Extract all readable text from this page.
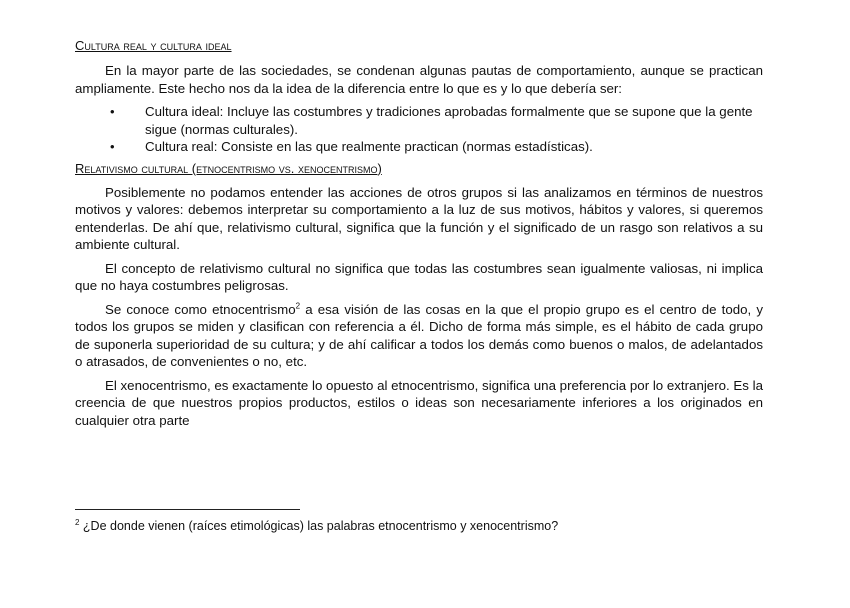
Cultura real y cultura ideal

En la mayor parte de las sociedades, se condenan algunas pautas de comportamiento, aunque se practican ampliamente. Este hecho nos da la idea de la diferencia entre lo que es y lo que debería ser:

• Cultura ideal: Incluye las costumbres y tradiciones aprobadas formalmente que se supone que la gente sigue (normas culturales).
• Cultura real: Consiste en las que realmente practican (normas estadísticas).
Relativismo cultural (etnocentrismo vs. xenocentrismo)

Posiblemente no podamos entender las acciones de otros grupos si las analizamos en términos de nuestros motivos y valores: debemos interpretar su comportamiento a la luz de sus motivos, hábitos y valores, si queremos entenderlas. De ahí que, relativismo cultural, significa que la función y el significado de un rasgo son relativos a su ambiente cultural.

El concepto de relativismo cultural no significa que todas las costumbres sean igualmente valiosas, ni implica que no haya costumbres peligrosas.

Se conoce como etnocentrismo$^2$ a esa visión de las cosas en la que el propio grupo es el centro de todo, y todos los grupos se miden y clasifican con referencia a él. Dicho de forma más simple, es el hábito de cada grupo de suponerla superioridad de su cultura; y de ahí calificar a todos los demás como buenos o malos, de adelantados o atrasados, de convenientes o no, etc.

El xenocentrismo, es exactamente lo opuesto al etnocentrismo, significa una preferencia por lo extranjero. Es la creencia de que nuestros propios productos, estilos o ideas son necesariamente inferiores a los originados en cualquier otra parte

$^2$ ¿De donde vienen (raíces etimológicas) las palabras etnocentrismo y xenocentrismo?
